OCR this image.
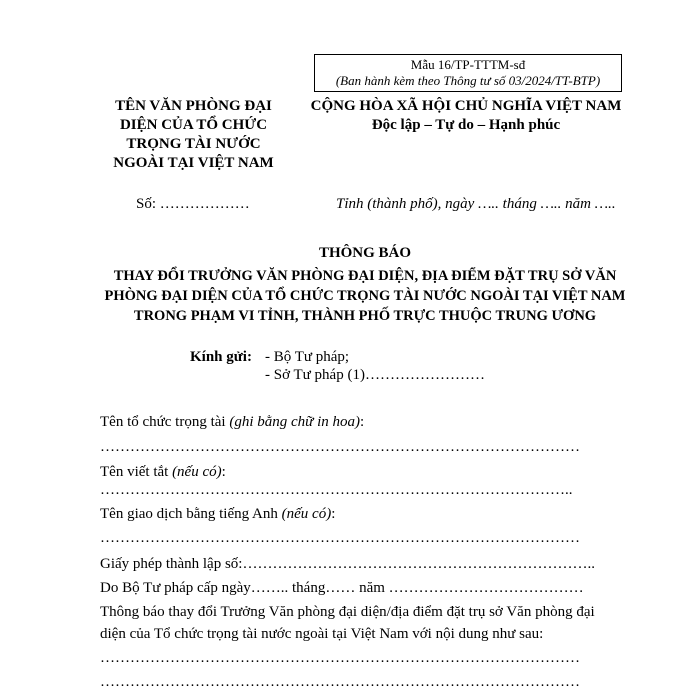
Mẫu 16/TP-TTTM-sđ
(Ban hành kèm theo Thông tư số 03/2024/TT-BTP)
TÊN VĂN PHÒNG ĐẠI
DIỆN CỦA TỔ CHỨC
TRỌNG TÀI NƯỚC
NGOÀI TẠI VIỆT NAM
CỘNG HÒA XÃ HỘI CHỦ NGHĨA VIỆT NAM
Độc lập – Tự do – Hạnh phúc
Số: ………………	Tỉnh (thành phố), ngày ….. tháng ….. năm …..
THÔNG BÁO
THAY ĐỔI TRƯỞNG VĂN PHÒNG ĐẠI DIỆN, ĐỊA ĐIỂM ĐẶT TRỤ SỞ VĂN PHÒNG ĐẠI DIỆN CỦA TỔ CHỨC TRỌNG TÀI NƯỚC NGOÀI TẠI VIỆT NAM TRONG PHẠM VI TỈNH, THÀNH PHỐ TRỰC THUỘC TRUNG ƯƠNG
Kính gửi: - Bộ Tư pháp;
- Sở Tư pháp (1)……………………
Tên tổ chức trọng tài (ghi bằng chữ in hoa):
……………………………………………………………………………………
Tên viết tắt (nếu có):
…………………………………………………………………………………..
Tên giao dịch bằng tiếng Anh (nếu có):
……………………………………………………………………………………
Giấy phép thành lập số:……………………………………………………………..
Do Bộ Tư pháp cấp ngày…….. tháng…… năm …………………………………
Thông báo thay đổi Trưởng Văn phòng đại diện/địa điểm đặt trụ sở Văn phòng đại
diện của Tổ chức trọng tài nước ngoài tại Việt Nam với nội dung như sau:
……………………………………………………………………………………
……………………………………………………………………………………
